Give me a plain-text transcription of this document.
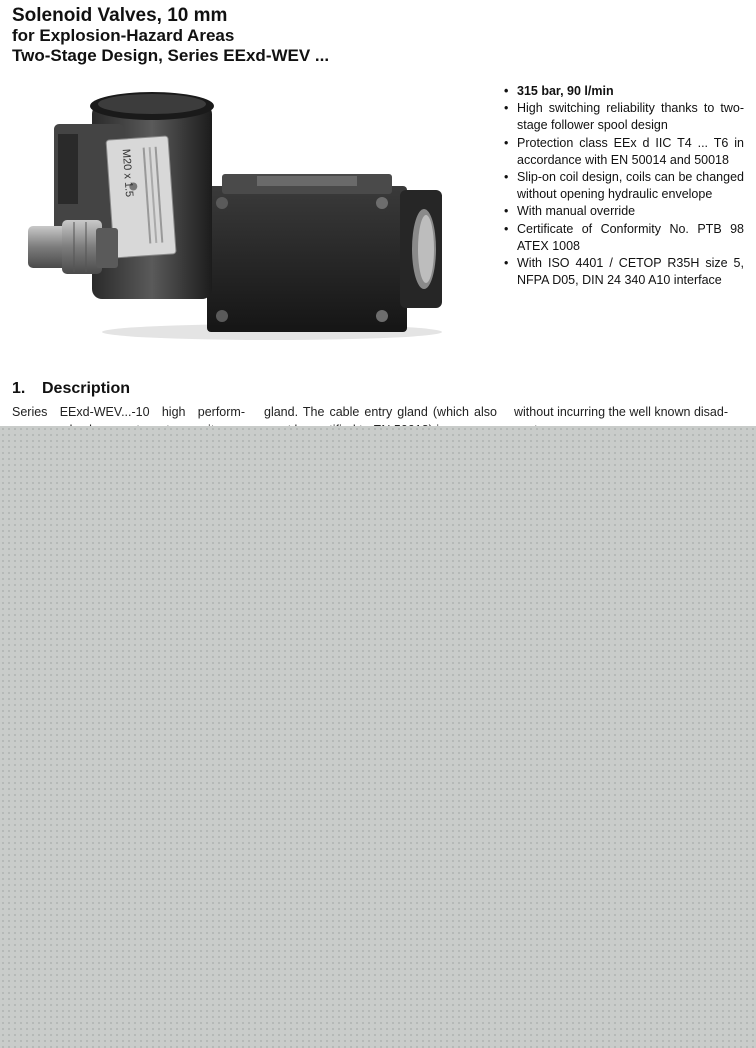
Solenoid Valves, 10 mm
for Explosion-Hazard Areas
Two-Stage Design, Series EExd-WEV ...
M20 x 1.5
• 315 bar, 90 l/min
• High switching reliability thanks to two-stage follower spool design
• Protection class EEx d IIC T4 ... T6 in accordance with EN 50014 and 50018
• Slip-on coil design, coils can be changed without opening hydraulic envelope
• With manual override
• Certificate of Conformity No. PTB 98 ATEX 1008
• With ISO 4401 / CETOP R35H size 5, NFPA D05, DIN 24 340 A10 interface
1. Description

Series EExd-WEV...-10 high perform- gland. The cable entry gland (which also without incurring the well known disad-
